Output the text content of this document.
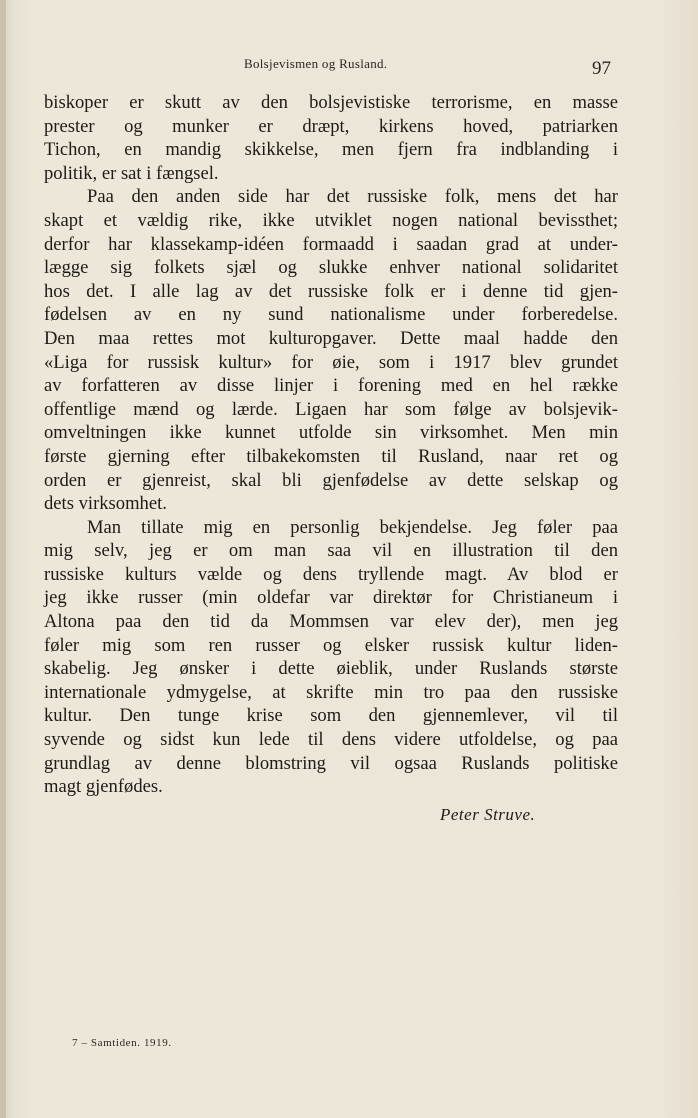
Bolsjevismen og Rusland.	97
biskoper er skutt av den bolsjevistiske terrorisme, en masse
prester og munker er dræpt, kirkens hoved, patriarken
Tichon, en mandig skikkelse, men fjern fra indblanding i
politik, er sat i fængsel.
Paa den anden side har det russiske folk, mens det har
skapt et vældig rike, ikke utviklet nogen national bevissthet;
derfor har klassekamp-idéen formaadd i saadan grad at under-
lægge sig folkets sjæl og slukke enhver national solidaritet
hos det. I alle lag av det russiske folk er i denne tid gjen-
fødelsen av en ny sund nationalisme under forberedelse.
Den maa rettes mot kulturopgaver. Dette maal hadde den
«Liga for russisk kultur» for øie, som i 1917 blev grundet
av forfatteren av disse linjer i forening med en hel række
offentlige mænd og lærde. Ligaen har som følge av bolsjevik-
omveltningen ikke kunnet utfolde sin virksomhet. Men min
første gjerning efter tilbakekomsten til Rusland, naar ret og
orden er gjenreist, skal bli gjenfødelse av dette selskap og
dets virksomhet.
Man tillate mig en personlig bekjendelse. Jeg føler paa
mig selv, jeg er om man saa vil en illustration til den
russiske kulturs vælde og dens tryllende magt. Av blod er
jeg ikke russer (min oldefar var direktør for Christianeum i
Altona paa den tid da Mommsen var elev der), men jeg
føler mig som ren russer og elsker russisk kultur liden-
skabelig. Jeg ønsker i dette øieblik, under Ruslands største
internationale ydmygelse, at skrifte min tro paa den russiske
kultur. Den tunge krise som den gjennemlever, vil til
syvende og sidst kun lede til dens videre utfoldelse, og paa
grundlag av denne blomstring vil ogsaa Ruslands politiske
magt gjenfødes.
Peter Struve.
7 – Samtiden. 1919.
